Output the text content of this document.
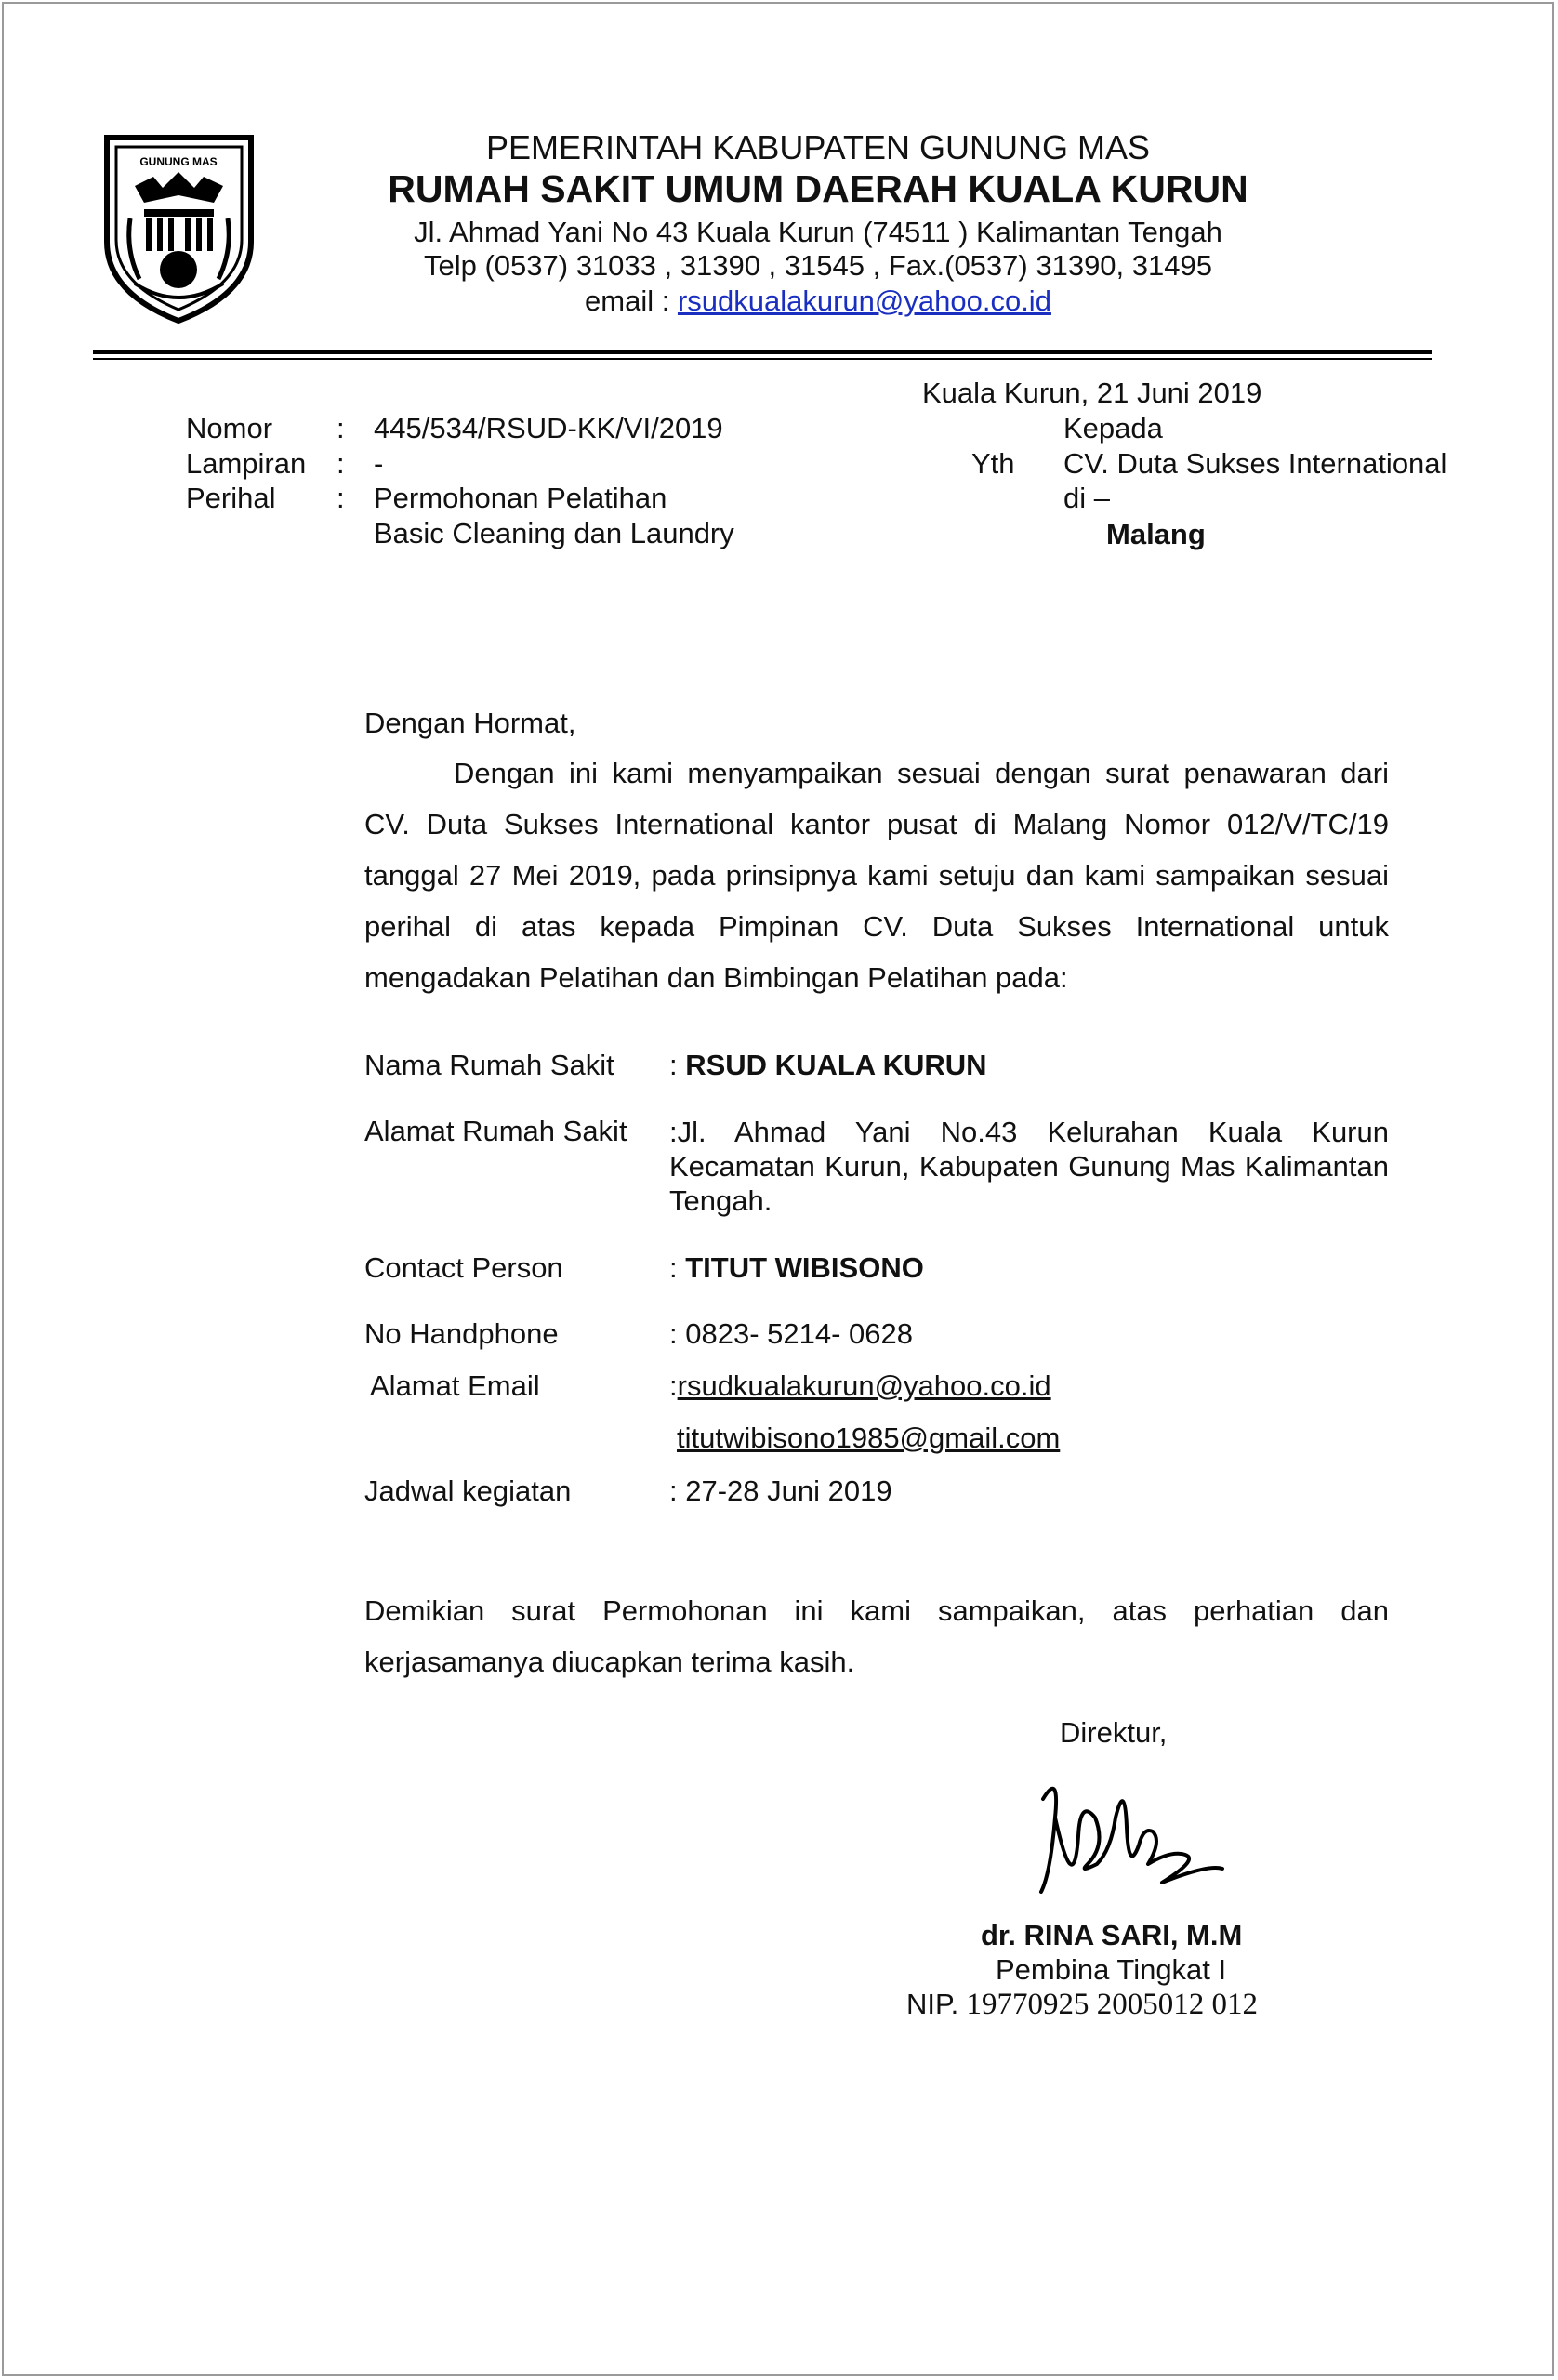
GUNUNG MAS	PEMERINTAH KABUPATEN GUNUNG MAS
RUMAH SAKIT UMUM DAERAH KUALA KURUN
Jl. Ahmad Yani No 43 Kuala Kurun (74511 ) Kalimantan Tengah
Telp (0537) 31033 , 31390 , 31545 , Fax.(0537) 31390, 31495
email : rsudkualakurun@yahoo.co.id
Kuala Kurun, 21 Juni 2019
Nomor : 445/534/RSUD-KK/VI/2019
Lampiran : -
Perihal : Permohonan Pelatihan
Basic Cleaning dan Laundry
Kepada
Yth CV. Duta Sukses International
di –
Malang
Dengan Hormat,
Dengan ini kami menyampaikan sesuai dengan surat penawaran dari CV. Duta Sukses International kantor pusat di Malang Nomor 012/V/TC/19 tanggal 27 Mei 2019, pada prinsipnya kami setuju dan kami sampaikan sesuai perihal di atas kepada Pimpinan CV. Duta Sukses International untuk mengadakan Pelatihan dan Bimbingan Pelatihan pada:
Nama Rumah Sakit : RSUD KUALA KURUN
Alamat Rumah Sakit :Jl. Ahmad Yani No.43 Kelurahan Kuala Kurun Kecamatan Kurun, Kabupaten Gunung Mas Kalimantan Tengah.
Contact Person	: TITUT WIBISONO
No Handphone	: 0823- 5214- 0628
Alamat Email	:rsudkualakurun@yahoo.co.id
titutwibisono1985@gmail.com
Jadwal kegiatan	: 27-28 Juni 2019
Demikian surat Permohonan ini kami sampaikan, atas perhatian dan kerjasamanya diucapkan terima kasih.
Direktur,
dr. RINA SARI, M.M
Pembina Tingkat I
NIP. 19770925 2005012 012
